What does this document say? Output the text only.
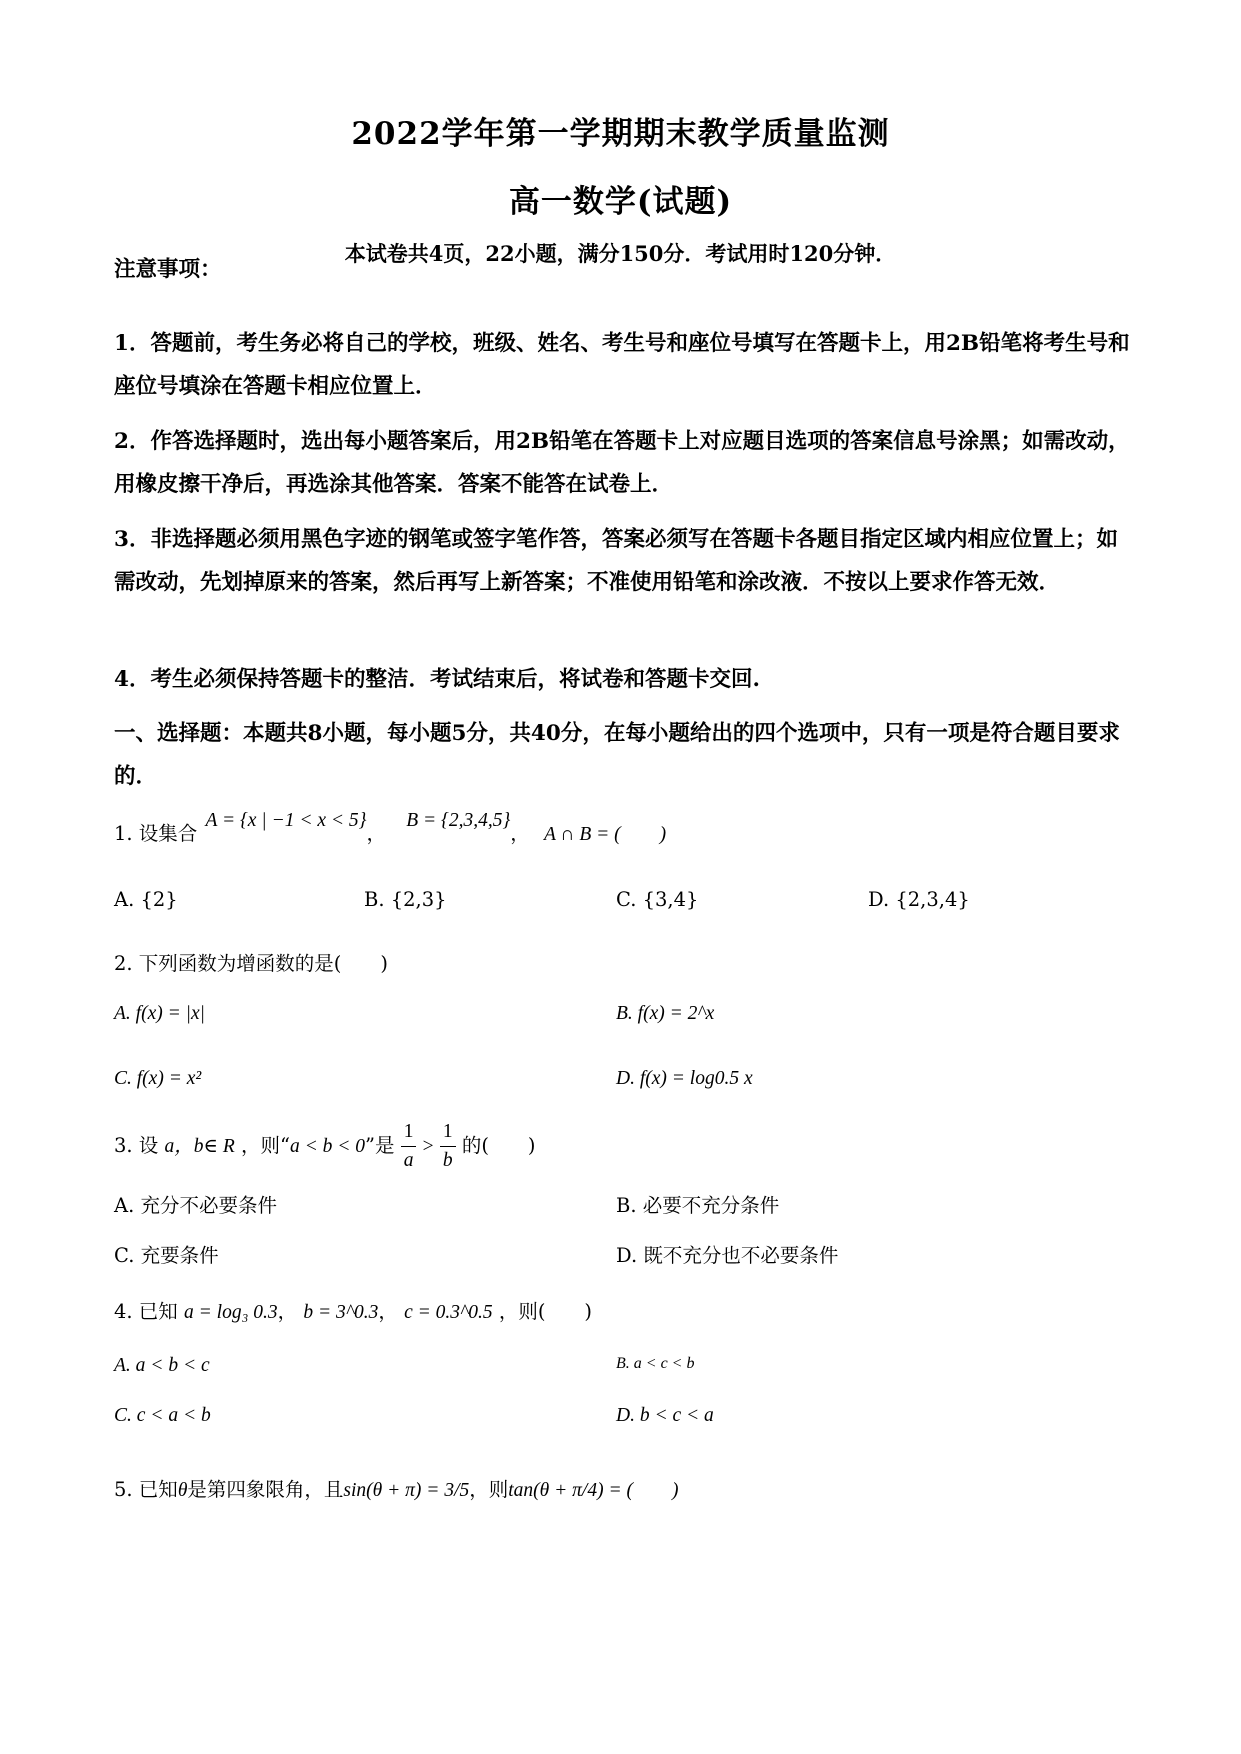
2022学年第一学期期末教学质量监测
高一数学(试题)
本试卷共4页，22小题，满分150分．考试用时120分钟．
注意事项：
1．答题前，考生务必将自己的学校，班级、姓名、考生号和座位号填写在答题卡上，用2B铅笔将考生号和座位号填涂在答题卡相应位置上．
2．作答选择题时，选出每小题答案后，用2B铅笔在答题卡上对应题目选项的答案信息号涂黑；如需改动，用橡皮擦干净后，再选涂其他答案．答案不能答在试卷上．
3．非选择题必须用黑色字迹的钢笔或签字笔作答，答案必须写在答题卡各题目指定区域内相应位置上；如需改动，先划掉原来的答案，然后再写上新答案；不准使用铅笔和涂改液．不按以上要求作答无效．
4．考生必须保持答题卡的整洁．考试结束后，将试卷和答题卡交回.
一、选择题：本题共8小题，每小题5分，共40分，在每小题给出的四个选项中，只有一项是符合题目要求的．
1. 设集合 A = {x | −1 < x < 5}， B = {2,3,4,5}， A ∩ B = (　　)
A. {2}	B. {2,3}	C. {3,4}	D. {2,3,4}
2. 下列函数为增函数的是(　　)
A. f(x) = |x|	B. f(x) = 2^x
C. f(x) = x²	D. f(x) = log0.5 x
3. 设 a，b∈ R ，则“a < b < 0”是 $\frac{1}{a} > \frac{1}{b}$ 的(　　)
A. 充分不必要条件	B. 必要不充分条件
C. 充要条件	D. 既不充分也不必要条件
4. 已知 a = log₃ 0.3， b = 3^0.3， c = 0.3^0.5 ，则(　　)
A. a < b < c	B. a < c < b
C. c < a < b	D. b < c < a
5. 已知θ是第四象限角，且sin(θ + π) = 3/5，则tan(θ + π/4) = (　　)
